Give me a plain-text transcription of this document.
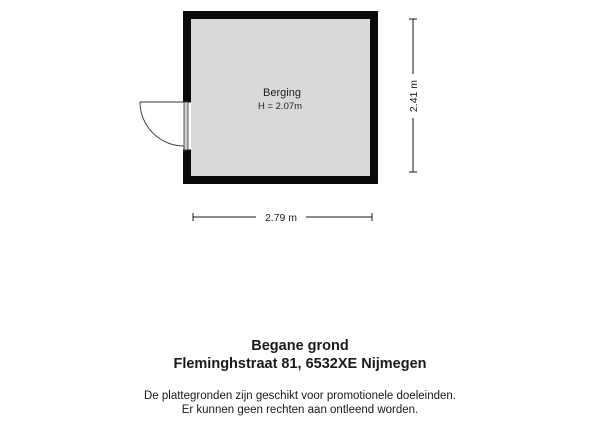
Berging
H = 2.07m	2.41 m
2.79 m
Begane grond
Fleminghstraat 81, 6532XE Nijmegen
De plattegronden zijn geschikt voor promotionele doeleinden.
Er kunnen geen rechten aan ontleend worden.
